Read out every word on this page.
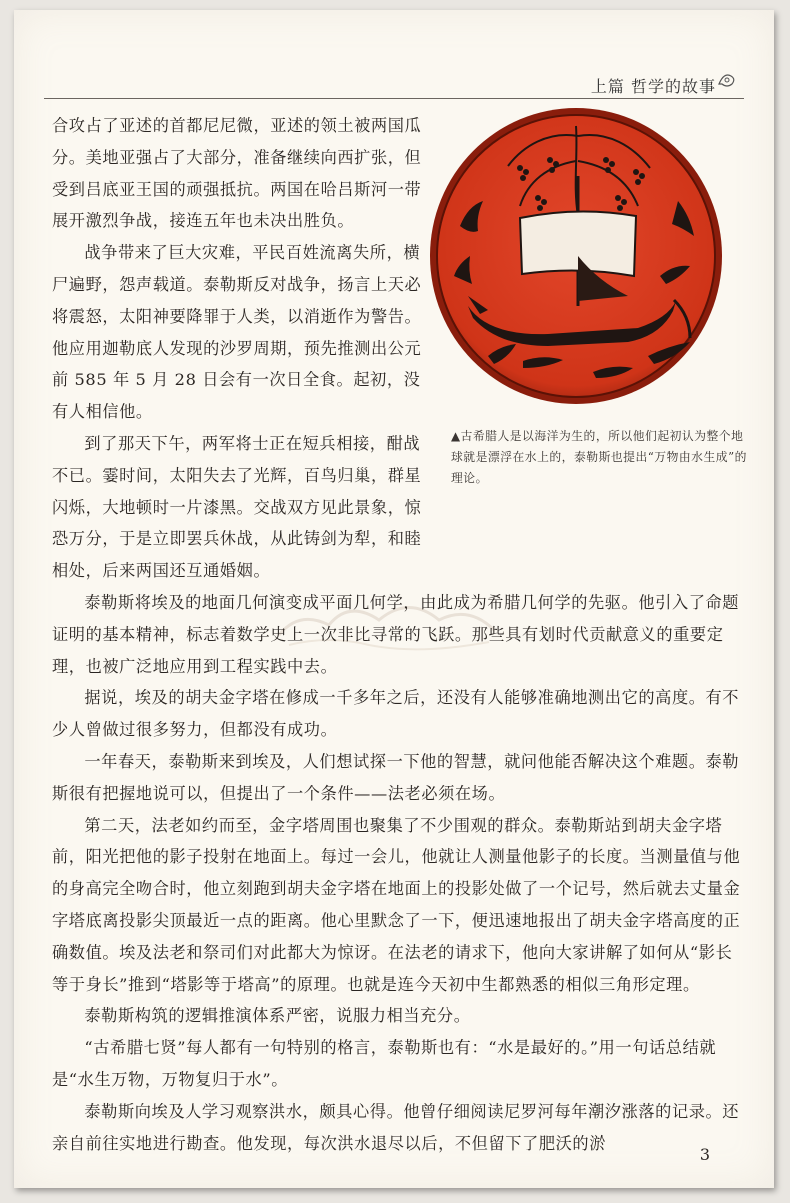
上篇 哲学的故事
▲古希腊人是以海洋为生的，所以他们起初认为整个地球就是漂浮在水上的，泰勒斯也提出“万物由水生成”的理论。

合攻占了亚述的首都尼尼微，亚述的领土被两国瓜分。美地亚强占了大部分，准备继续向西扩张，但受到吕底亚王国的顽强抵抗。两国在哈吕斯河一带展开激烈争战，接连五年也未决出胜负。

战争带来了巨大灾难，平民百姓流离失所，横尸遍野，怨声载道。泰勒斯反对战争，扬言上天必将震怒，太阳神要降罪于人类，以消逝作为警告。他应用迦勒底人发现的沙罗周期，预先推测出公元前 585 年 5 月 28 日会有一次日全食。起初，没有人相信他。

到了那天下午，两军将士正在短兵相接，酣战不已。霎时间，太阳失去了光辉，百鸟归巢，群星闪烁，大地顿时一片漆黑。交战双方见此景象，惊恐万分，于是立即罢兵休战，从此铸剑为犁，和睦相处，后来两国还互通婚姻。

泰勒斯将埃及的地面几何演变成平面几何学，由此成为希腊几何学的先驱。他引入了命题证明的基本精神，标志着数学史上一次非比寻常的飞跃。那些具有划时代贡献意义的重要定理，也被广泛地应用到工程实践中去。

据说，埃及的胡夫金字塔在修成一千多年之后，还没有人能够准确地测出它的高度。有不少人曾做过很多努力，但都没有成功。

一年春天，泰勒斯来到埃及，人们想试探一下他的智慧，就问他能否解决这个难题。泰勒斯很有把握地说可以，但提出了一个条件——法老必须在场。

第二天，法老如约而至，金字塔周围也聚集了不少围观的群众。泰勒斯站到胡夫金字塔前，阳光把他的影子投射在地面上。每过一会儿，他就让人测量他影子的长度。当测量值与他的身高完全吻合时，他立刻跑到胡夫金字塔在地面上的投影处做了一个记号，然后就去丈量金字塔底离投影尖顶最近一点的距离。他心里默念了一下，便迅速地报出了胡夫金字塔高度的正确数值。埃及法老和祭司们对此都大为惊讶。在法老的请求下，他向大家讲解了如何从“影长等于身长”推到“塔影等于塔高”的原理。也就是连今天初中生都熟悉的相似三角形定理。

泰勒斯构筑的逻辑推演体系严密，说服力相当充分。

“古希腊七贤”每人都有一句特别的格言，泰勒斯也有：“水是最好的。”用一句话总结就是“水生万物，万物复归于水”。

泰勒斯向埃及人学习观察洪水，颇具心得。他曾仔细阅读尼罗河每年潮汐涨落的记录。还亲自前往实地进行勘查。他发现，每次洪水退尽以后，不但留下了肥沃的淤

3
